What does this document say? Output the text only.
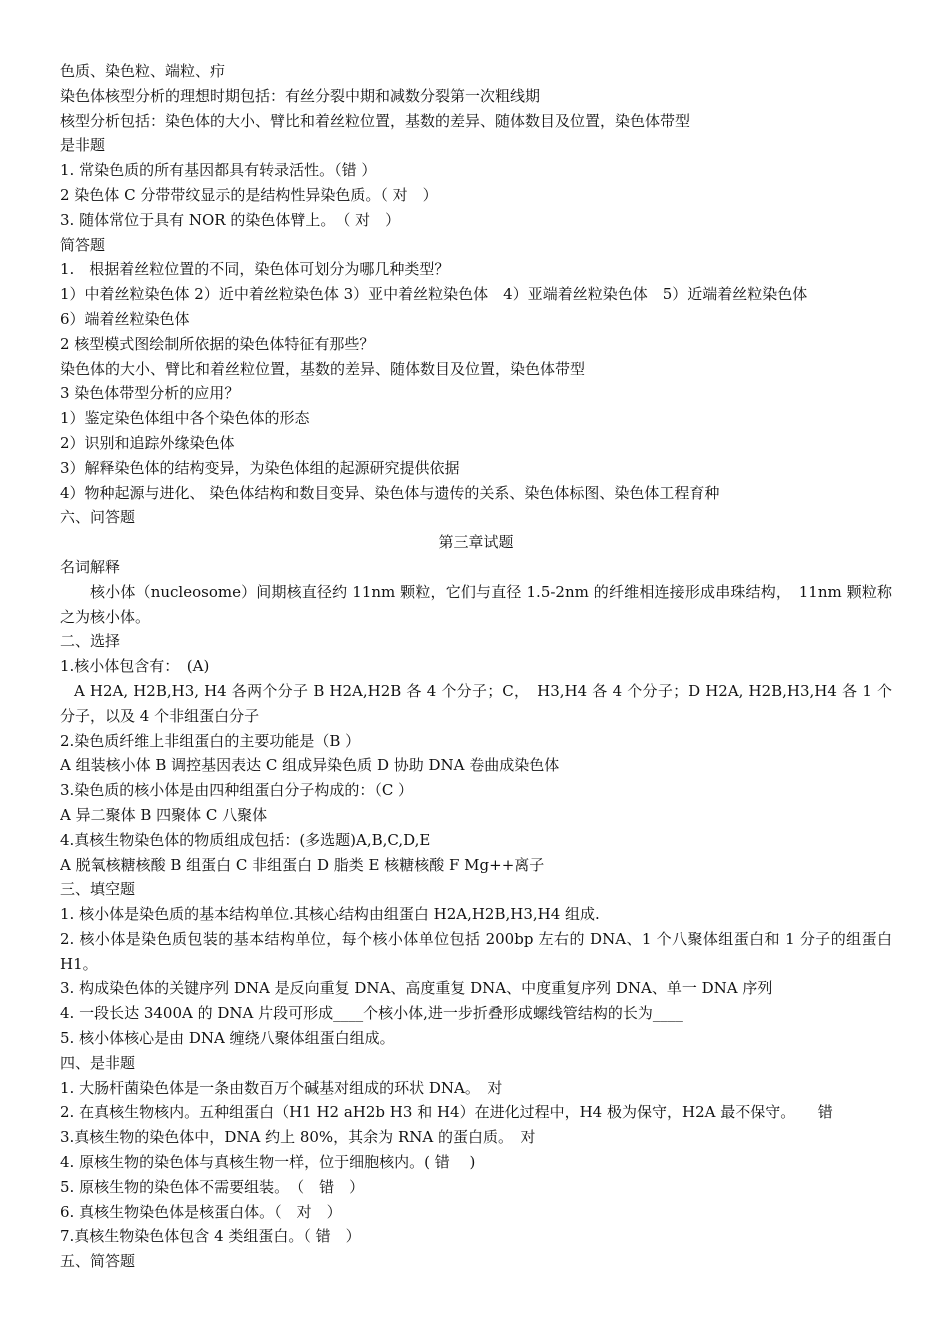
色质、染色粒、端粒、疖

染色体核型分析的理想时期包括：有丝分裂中期和减数分裂第一次粗线期

核型分析包括：染色体的大小、臂比和着丝粒位置，基数的差异、随体数目及位置，染色体带型

是非题

1. 常染色质的所有基因都具有转录活性。（错 ）

2 染色体 C 分带带纹显示的是结构性异染色质。（ 对　）

3. 随体常位于具有 NOR 的染色体臂上。　（ 对　）

简答题

1.　根据着丝粒位置的不同，染色体可划分为哪几种类型？

1）中着丝粒染色体 2）近中着丝粒染色体 3）亚中着丝粒染色体　4）亚端着丝粒染色体　5）近端着丝粒染色体

6）端着丝粒染色体

2 核型模式图绘制所依据的染色体特征有那些？

染色体的大小、臂比和着丝粒位置，基数的差异、随体数目及位置，染色体带型

3 染色体带型分析的应用？

1）鉴定染色体组中各个染色体的形态

2）识别和追踪外缘染色体

3）解释染色体的结构变异，为染色体组的起源研究提供依据

4）物种起源与进化、 染色体结构和数目变异、染色体与遗传的关系、染色体标图、染色体工程育种

六、问答题

第三章试题

名词解释

核小体（nucleosome）间期核直径约 11nm 颗粒，它们与直径 1.5-2nm 的纤维相连接形成串珠结构，　11nm 颗粒称之为核小体。

二、选择

1.核小体包含有：　(A)

A H2A, H2B,H3, H4 各两个分子 B H2A,H2B 各 4 个分子；C，　H3,H4 各 4 个分子；D H2A, H2B,H3,H4 各 1 个分子，以及 4 个非组蛋白分子

2.染色质纤维上非组蛋白的主要功能是（B ）

A 组装核小体 B 调控基因表达 C 组成异染色质 D 协助 DNA 卷曲成染色体

3.染色质的核小体是由四种组蛋白分子构成的：（C ）

A 异二聚体 B 四聚体 C 八聚体

4.真核生物染色体的物质组成包括：(多选题)A,B,C,D,E

A 脱氧核糖核酸 B 组蛋白 C 非组蛋白 D 脂类 E 核糖核酸 F Mg++离子

三、填空题

1. 核小体是染色质的基本结构单位.其核心结构由组蛋白 H2A,H2B,H3,H4 组成.

2. 核小体是染色质包装的基本结构单位，每个核小体单位包括 200bp 左右的 DNA、1 个八聚体组蛋白和 1 分子的组蛋白 H1。

3. 构成染色体的关键序列 DNA 是反向重复 DNA、高度重复 DNA、中度重复序列 DNA、单一 DNA 序列

4. 一段长达 3400A 的 DNA 片段可形成____个核小体,进一步折叠形成螺线管结构的长为____

5. 核小体核心是由 DNA 缠绕八聚体组蛋白组成。

四、是非题

1. 大肠杆菌染色体是一条由数百万个碱基对组成的环状 DNA。　对

2. 在真核生物核内。五种组蛋白（H1 H2 aH2b H3 和 H4）在进化过程中，H4 极为保守，H2A 最不保守。　　错

3.真核生物的染色体中，DNA 约上 80%，其余为 RNA 的蛋白质。　对

4. 原核生物的染色体与真核生物一样，位于细胞核内。( 错　 )

5. 原核生物的染色体不需要组装。　（　错　）

6. 真核生物染色体是核蛋白体。（　对　）

7.真核生物染色体包含 4 类组蛋白。（ 错　）

五、简答题
